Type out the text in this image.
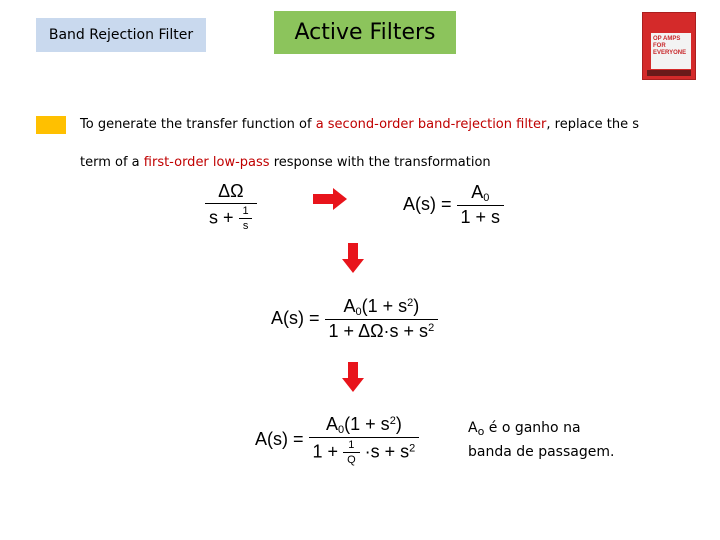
Band Rejection Filter	Active Filters	OP AMPS FOR EVERYONE
To generate the transfer function of a second-order band-rejection filter, replace the s
term of a first-order low-pass response with the transformation
$\frac{\Delta\Omega}{s + \frac{1}{s}}$	$A(s) = \frac{A_0}{1 + s}$
$A(s) = \frac{A_0(1 + s^2)}{1 + \Delta\Omega\cdot s + s^2}$
$A(s) = \frac{A_0(1 + s^2)}{1 + \frac{1}{Q} \cdot s + s^2}$	$A_o$ é o ganho na
banda de passagem.
